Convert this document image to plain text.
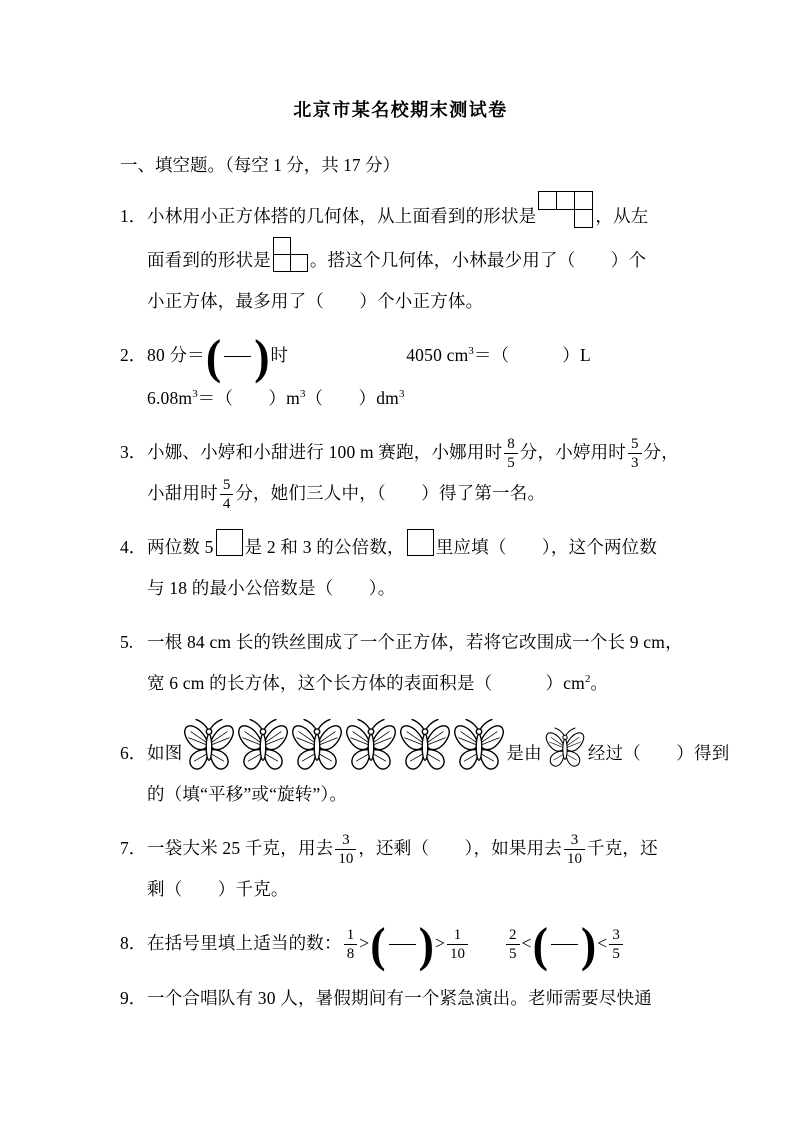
北京市某名校期末测试卷
一、填空题。（每空 1 分，共 17 分）
1．小林用小正方体搭的几何体，从上面看到的形状是	，从左
面看到的形状是 。搭这个几何体，小林最少用了（　　）个
小正方体，最多用了（　　）个小正方体。
2．80 分＝ ( ) 时	4050 $cm^3=$（　　　）L
$6.08m^3=$（　　）$m^3$（　　）$dm^3$
3．小娜、小婷和小甜进行 100 m 赛跑，小娜用时 $\frac{8}{5}$ 分，小婷用时 $\frac{5}{3}$ 分，
小甜用时 $\frac{5}{4}$ 分，她们三人中，（　　）得了第一名。
4．两位数 5 是 2 和 3 的公倍数， 里应填（　　），这个两位数
与 18 的最小公倍数是（　　）。
5. 一根 84 cm 长的铁丝围成了一个正方体，若将它改围成一个长 9 cm，
宽 6 cm 的长方体，这个长方体的表面积是（　　　）$cm^2$。
6．如图	是由	经过（　　）得到
的（填“平移”或“旋转”）。
7．一袋大米 25 千克，用去 $\frac{3}{10}$ ，还剩（　　），如果用去 $\frac{3}{10}$ 千克，还
剩（　　）千克。
8．在括号里填上适当的数： $\frac{1}{8}$ > ( ) > $\frac{1}{10}$	$\frac{2}{5}$ < ( ) < $\frac{3}{5}$
9．一个合唱队有 30 人，暑假期间有一个紧急演出。老师需要尽快通
